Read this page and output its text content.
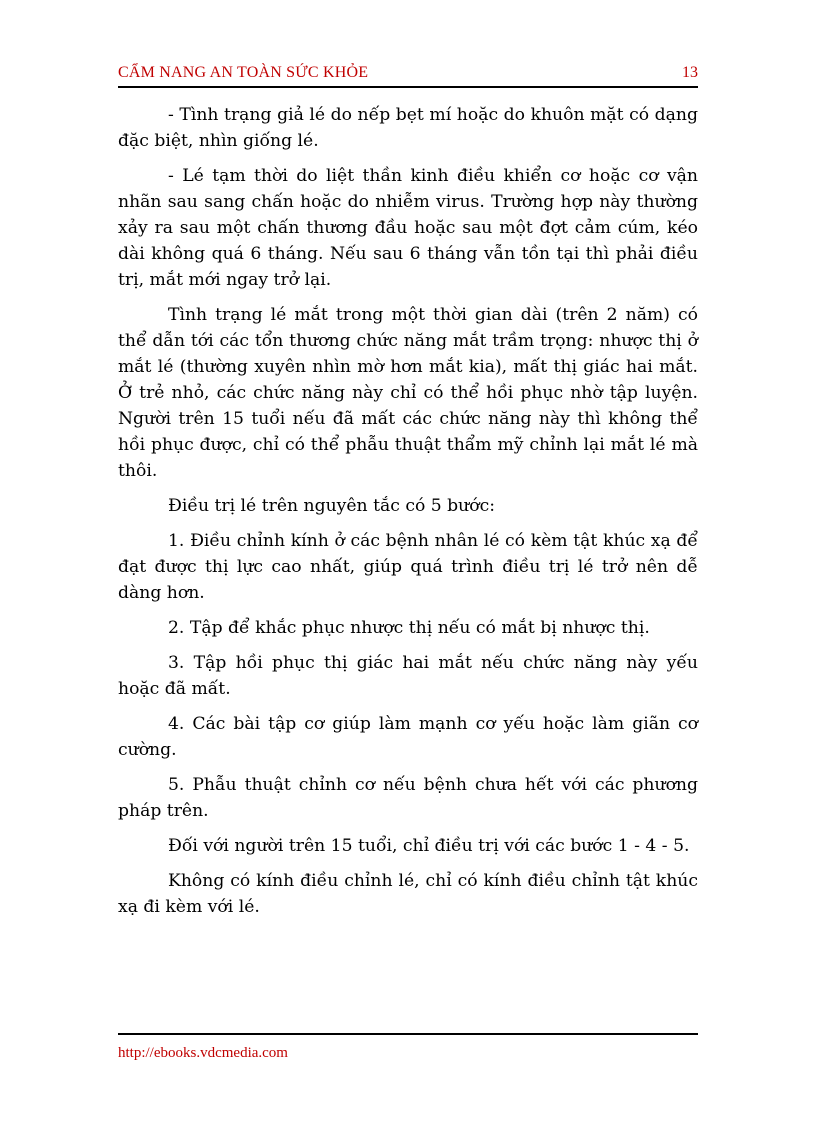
CẨM NANG AN TOÀN SỨC KHỎE	13

- Tình trạng giả lé do nếp bẹt mí hoặc do khuôn mặt có dạng đặc biệt, nhìn giống lé.

- Lé tạm thời do liệt thần kinh điều khiển cơ hoặc cơ vận nhãn sau sang chấn hoặc do nhiễm virus. Trường hợp này thường xảy ra sau một chấn thương đầu hoặc sau một đợt cảm cúm, kéo dài không quá 6 tháng. Nếu sau 6 tháng vẫn tồn tại thì phải điều trị, mắt mới ngay trở lại.

Tình trạng lé mắt trong một thời gian dài (trên 2 năm) có thể dẫn tới các tổn thương chức năng mắt trầm trọng: nhược thị ở mắt lé (thường xuyên nhìn mờ hơn mắt kia), mất thị giác hai mắt. Ở trẻ nhỏ, các chức năng này chỉ có thể hồi phục nhờ tập luyện. Người trên 15 tuổi nếu đã mất các chức năng này thì không thể hồi phục được, chỉ có thể phẫu thuật thẩm mỹ chỉnh lại mắt lé mà thôi.

Điều trị lé trên nguyên tắc có 5 bước:

1. Điều chỉnh kính ở các bệnh nhân lé có kèm tật khúc xạ để đạt được thị lực cao nhất, giúp quá trình điều trị lé trở nên dễ dàng hơn.

2. Tập để khắc phục nhược thị nếu có mắt bị nhược thị.

3. Tập hồi phục thị giác hai mắt nếu chức năng này yếu hoặc đã mất.

4. Các bài tập cơ giúp làm mạnh cơ yếu hoặc làm giãn cơ cường.

5. Phẫu thuật chỉnh cơ nếu bệnh chưa hết với các phương pháp trên.

Đối với người trên 15 tuổi, chỉ điều trị với các bước 1 - 4 - 5.

Không có kính điều chỉnh lé, chỉ có kính điều chỉnh tật khúc xạ đi kèm với lé.

http://ebooks.vdcmedia.com
